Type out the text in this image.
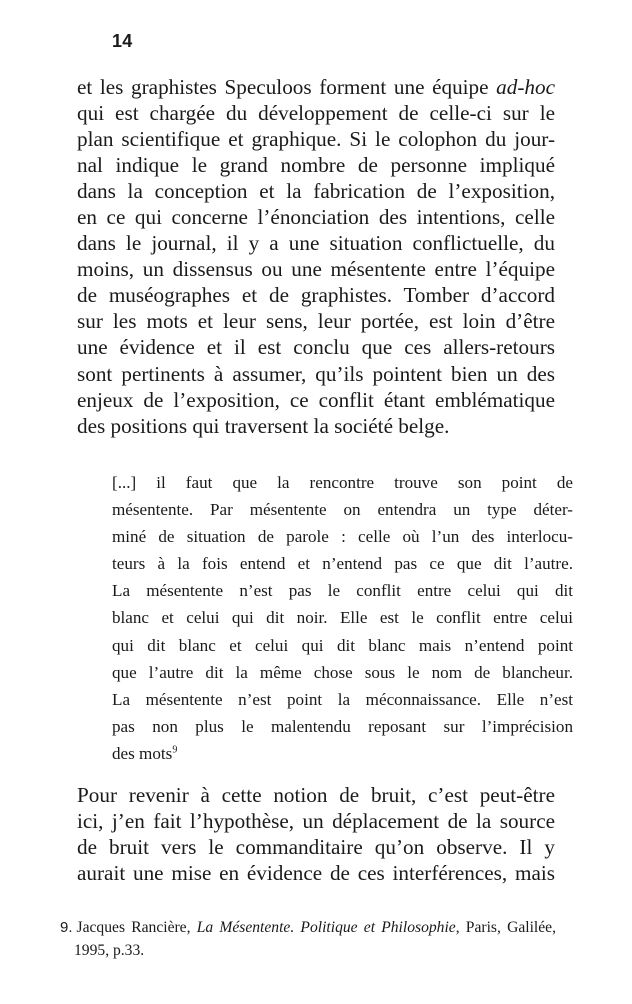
14
et les graphistes Speculoos forment une équipe ad-hoc
qui est chargée du développement de celle-ci sur le
plan scientifique et graphique. Si le colophon du jour-
nal indique le grand nombre de personne impliqué
dans la conception et la fabrication de l’exposition,
en ce qui concerne l’énonciation des intentions, celle
dans le journal, il y a une situation conflictuelle, du
moins, un dissensus ou une mésentente entre l’équipe
de muséographes et de graphistes. Tomber d’accord
sur les mots et leur sens, leur portée, est loin d’être
une évidence et il est conclu que ces allers-retours
sont pertinents à assumer, qu’ils pointent bien un des
enjeux de l’exposition, ce conflit étant emblématique
des positions qui traversent la société belge.
[...] il faut que la rencontre trouve son point de
mésentente. Par mésentente on entendra un type déter-
miné de situation de parole : celle où l’un des interlocu-
teurs à la fois entend et n’entend pas ce que dit l’autre.
La mésentente n’est pas le conflit entre celui qui dit
blanc et celui qui dit noir. Elle est le conflit entre celui
qui dit blanc et celui qui dit blanc mais n’entend point
que l’autre dit la même chose sous le nom de blancheur.
La mésentente n’est point la méconnaissance. Elle n’est
pas non plus le malentendu reposant sur l’imprécision
des mots$^9$
Pour revenir à cette notion de bruit, c’est peut-être
ici, j’en fait l’hypothèse, un déplacement de la source
de bruit vers le commanditaire qu’on observe. Il y
aurait une mise en évidence de ces interférences, mais
9. Jacques Rancière, La Mésentente. Politique et Philosophie, Paris, Galilée,
1995, p.33.
